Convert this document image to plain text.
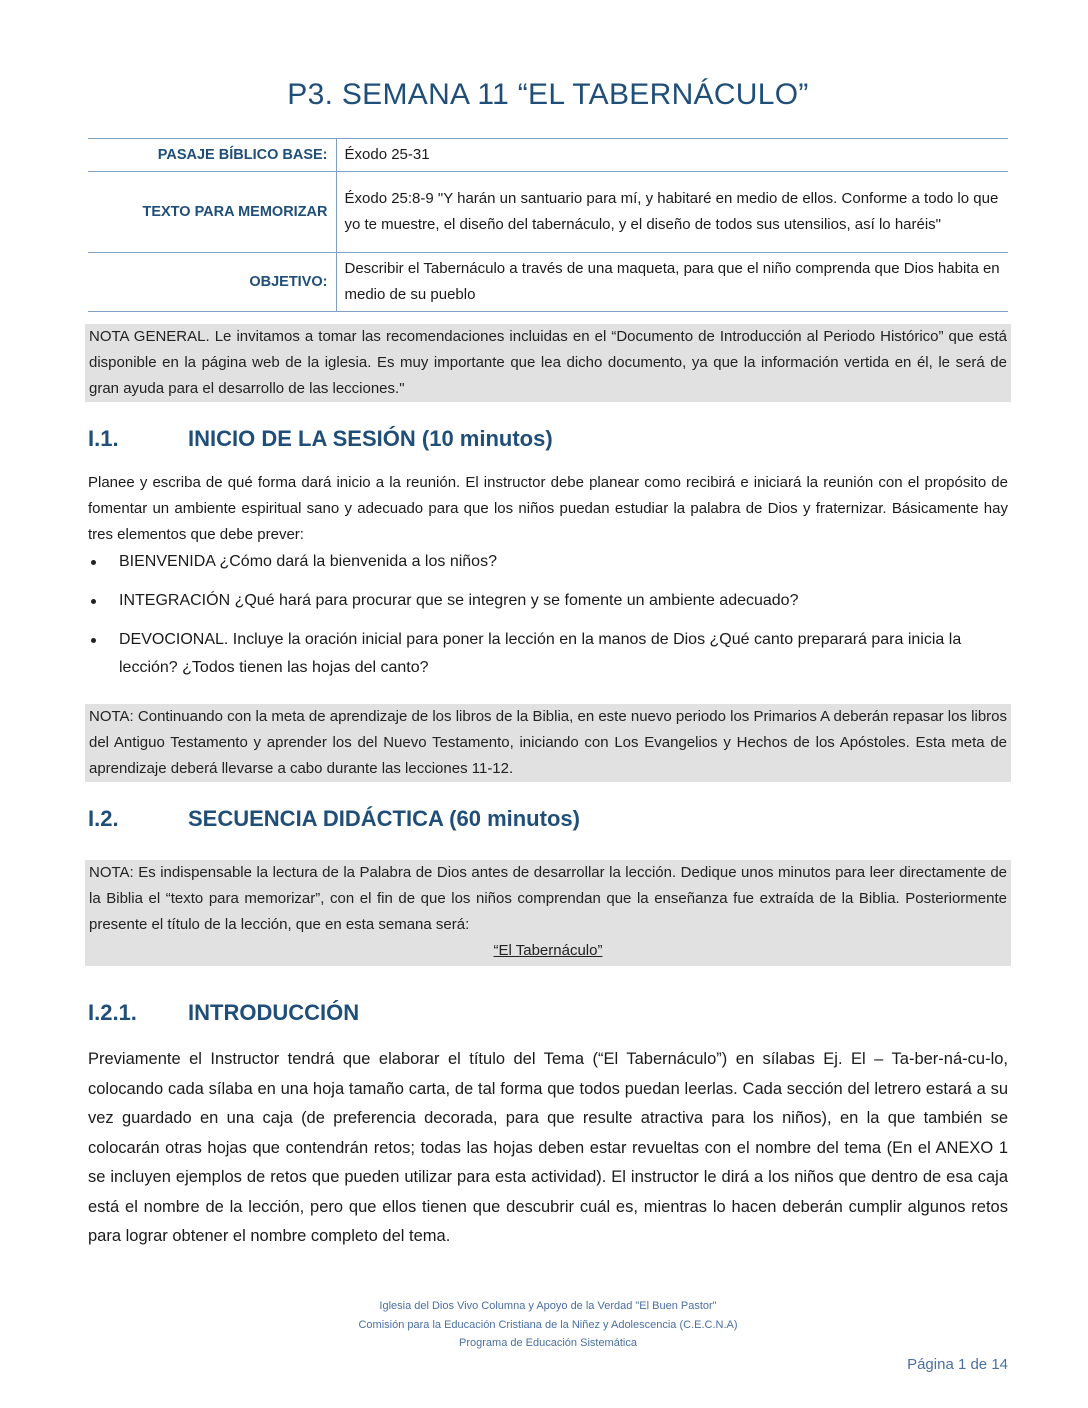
P3. SEMANA 11 “EL TABERNÁCULO”
PASAJE BÍBLICO BASE:	Éxodo 25-31
TEXTO PARA MEMORIZAR	Éxodo 25:8-9 "Y harán un santuario para mí, y habitaré en medio de ellos. Conforme a todo lo que yo te muestre, el diseño del tabernáculo, y el diseño de todos sus utensilios, así lo haréis"
OBJETIVO:	Describir el Tabernáculo a través de una maqueta, para que el niño comprenda que Dios habita en medio de su pueblo

NOTA GENERAL. Le invitamos a tomar las recomendaciones incluidas en el “Documento de Introducción al Periodo Histórico” que está disponible en la página web de la iglesia. Es muy importante que lea dicho documento, ya que la información vertida en él, le será de gran ayuda para el desarrollo de las lecciones."

I.1.	INICIO DE LA SESIÓN (10 minutos)

Planee y escriba de qué forma dará inicio a la reunión. El instructor debe planear como recibirá e iniciará la reunión con el propósito de fomentar un ambiente espiritual sano y adecuado para que los niños puedan estudiar la palabra de Dios y fraternizar. Básicamente hay tres elementos que debe prever:

BIENVENIDA ¿Cómo dará la bienvenida a los niños?
INTEGRACIÓN ¿Qué hará para procurar que se integren y se fomente un ambiente adecuado?
DEVOCIONAL. Incluye la oración inicial para poner la lección en la manos de Dios ¿Qué canto preparará para inicia la lección? ¿Todos tienen las hojas del canto?

NOTA: Continuando con la meta de aprendizaje de los libros de la Biblia, en este nuevo periodo los Primarios A deberán repasar los libros del Antiguo Testamento y aprender los del Nuevo Testamento, iniciando con Los Evangelios y Hechos de los Apóstoles. Esta meta de aprendizaje deberá llevarse a cabo durante las lecciones 11-12.

I.2.	SECUENCIA DIDÁCTICA (60 minutos)

NOTA: Es indispensable la lectura de la Palabra de Dios antes de desarrollar la lección. Dedique unos minutos para leer directamente de la Biblia el “texto para memorizar”, con el fin de que los niños comprendan que la enseñanza fue extraída de la Biblia. Posteriormente presente el título de la lección, que en esta semana será:

“El Tabernáculo”

I.2.1. INTRODUCCIÓN

Previamente el Instructor tendrá que elaborar el título del Tema (“El Tabernáculo”) en sílabas Ej. El – Ta-ber-ná-cu-lo, colocando cada sílaba en una hoja tamaño carta, de tal forma que todos puedan leerlas. Cada sección del letrero estará a su vez guardado en una caja (de preferencia decorada, para que resulte atractiva para los niños), en la que también se colocarán otras hojas que contendrán retos; todas las hojas deben estar revueltas con el nombre del tema (En el ANEXO 1 se incluyen ejemplos de retos que pueden utilizar para esta actividad). El instructor le dirá a los niños que dentro de esa caja está el nombre de la lección, pero que ellos tienen que descubrir cuál es, mientras lo hacen deberán cumplir algunos retos para lograr obtener el nombre completo del tema.

Iglesia del Dios Vivo Columna y Apoyo de la Verdad "El Buen Pastor"
Comisión para la Educación Cristiana de la Niñez y Adolescencia (C.E.C.N.A)
Programa de Educación Sistemática
Página 1 de 14
